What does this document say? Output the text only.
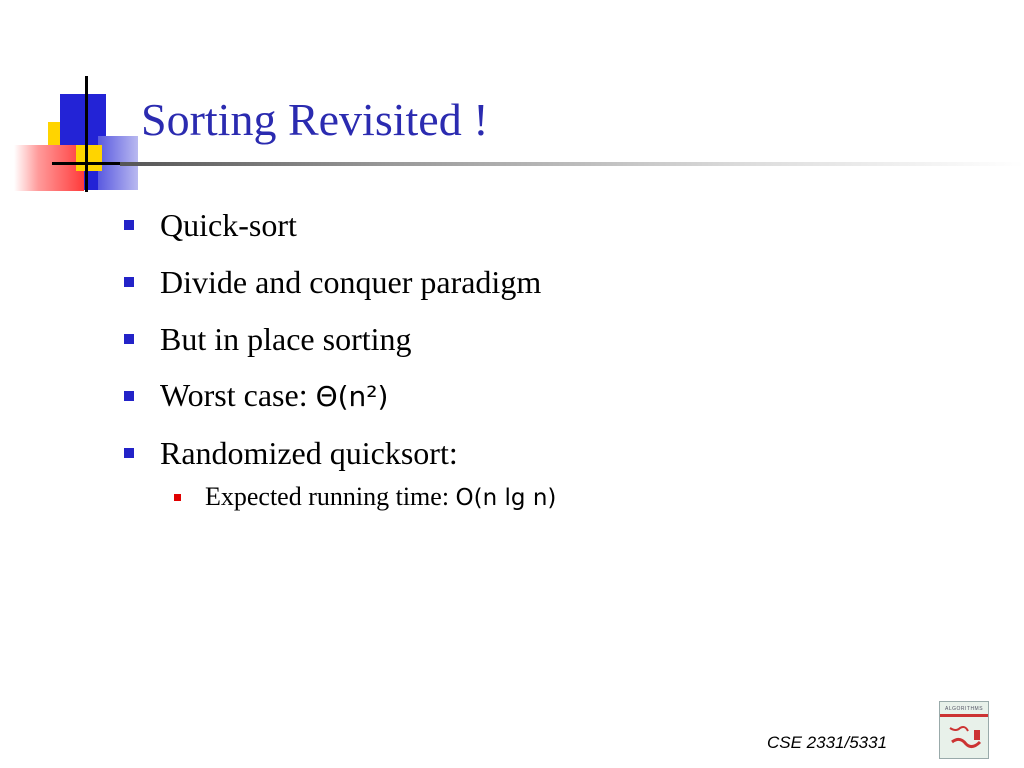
Sorting Revisited !
Quick-sort
Divide and conquer paradigm
But in place sorting
Worst case: Θ(n²)
Randomized quicksort:
Expected running time: O(n lg n)
CSE 2331/5331
ALGORITHMS
